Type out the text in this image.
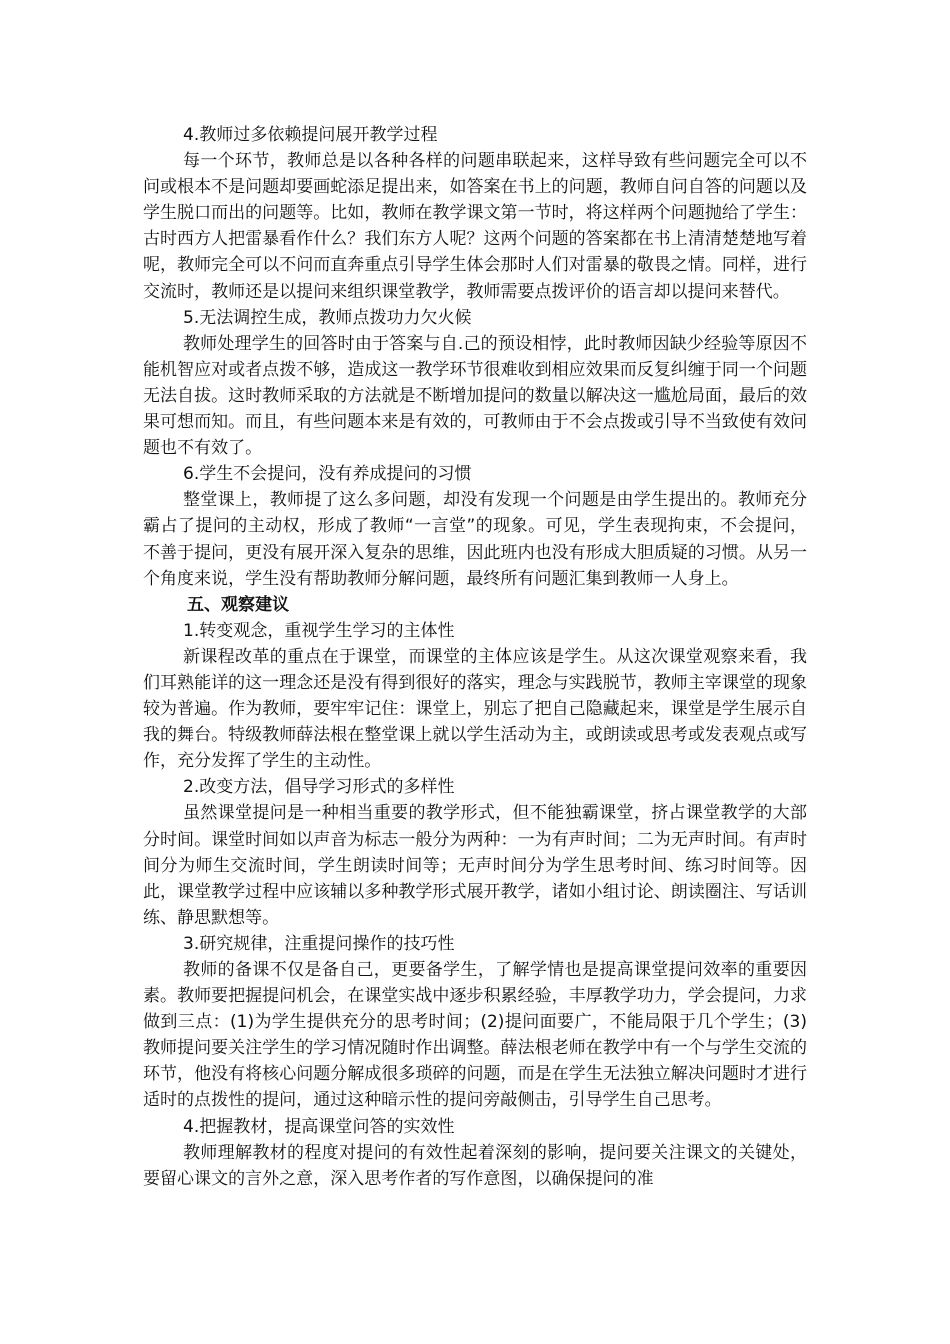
4.教师过多依赖提问展开教学过程

每一个环节，教师总是以各种各样的问题串联起来，这样导致有些问题完全可以不问或根本不是问题却要画蛇添足提出来，如答案在书上的问题，教师自问自答的问题以及学生脱口而出的问题等。比如，教师在教学课文第一节时，将这样两个问题抛给了学生：古时西方人把雷暴看作什么？我们东方人呢？这两个问题的答案都在书上清清楚楚地写着呢，教师完全可以不问而直奔重点引导学生体会那时人们对雷暴的敬畏之情。同样，进行交流时，教师还是以提问来组织课堂教学，教师需要点拨评价的语言却以提问来替代。

5.无法调控生成，教师点拨功力欠火候

教师处理学生的回答时由于答案与自.己的预设相悖，此时教师因缺少经验等原因不能机智应对或者点拨不够，造成这一教学环节很难收到相应效果而反复纠缠于同一个问题无法自拔。这时教师采取的方法就是不断增加提问的数量以解决这一尴尬局面，最后的效果可想而知。而且，有些问题本来是有效的，可教师由于不会点拨或引导不当致使有效问题也不有效了。

6.学生不会提问，没有养成提问的习惯

整堂课上，教师提了这么多问题，却没有发现一个问题是由学生提出的。教师充分霸占了提问的主动权，形成了教师“一言堂”的现象。可见，学生表现拘束，不会提问，不善于提问，更没有展开深入复杂的思维，因此班内也没有形成大胆质疑的习惯。从另一个角度来说，学生没有帮助教师分解问题，最终所有问题汇集到教师一人身上。

五、观察建议

1.转变观念，重视学生学习的主体性

新课程改革的重点在于课堂，而课堂的主体应该是学生。从这次课堂观察来看，我们耳熟能详的这一理念还是没有得到很好的落实，理念与实践脱节，教师主宰课堂的现象较为普遍。作为教师，要牢牢记住：课堂上，别忘了把自己隐藏起来，课堂是学生展示自我的舞台。特级教师薛法根在整堂课上就以学生活动为主，或朗读或思考或发表观点或写作，充分发挥了学生的主动性。

2.改变方法，倡导学习形式的多样性

虽然课堂提问是一种相当重要的教学形式，但不能独霸课堂，挤占课堂教学的大部分时间。课堂时间如以声音为标志一般分为两种：一为有声时间；二为无声时间。有声时间分为师生交流时间，学生朗读时间等；无声时间分为学生思考时间、练习时间等。因此，课堂教学过程中应该辅以多种教学形式展开教学，诸如小组讨论、朗读圈注、写话训练、静思默想等。

3.研究规律，注重提问操作的技巧性

教师的备课不仅是备自己，更要备学生，了解学情也是提高课堂提问效率的重要因素。教师要把握提问机会，在课堂实战中逐步积累经验，丰厚教学功力，学会提问，力求做到三点：(1)为学生提供充分的思考时间；(2)提问面要广，不能局限于几个学生；(3)教师提问要关注学生的学习情况随时作出调整。薛法根老师在教学中有一个与学生交流的环节，他没有将核心问题分解成很多琐碎的问题，而是在学生无法独立解决问题时才进行适时的点拨性的提问，通过这种暗示性的提问旁敲侧击，引导学生自己思考。

4.把握教材，提高课堂问答的实效性

教师理解教材的程度对提问的有效性起着深刻的影响，提问要关注课文的关键处，要留心课文的言外之意，深入思考作者的写作意图，以确保提问的准
